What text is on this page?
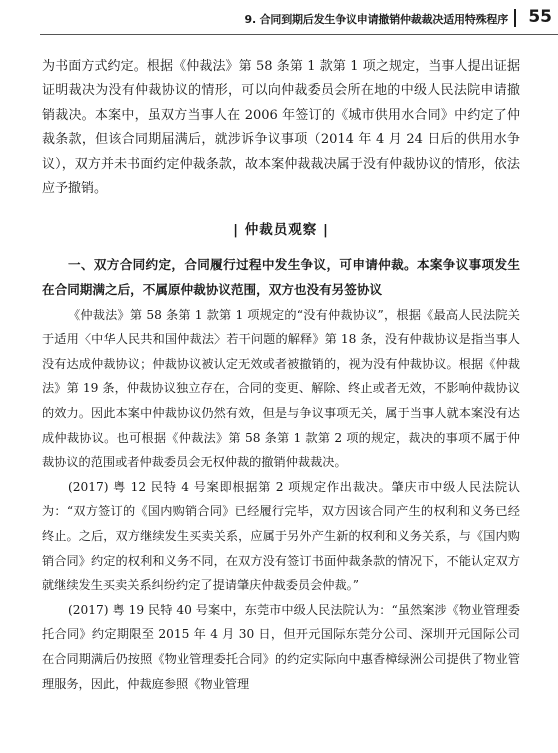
9. 合同到期后发生争议申请撤销仲裁裁决适用特殊程序 55

为书面方式约定。根据《仲裁法》第 58 条第 1 款第 1 项之规定，当事人提出证据证明裁决为没有仲裁协议的情形，可以向仲裁委员会所在地的中级人民法院申请撤销裁决。本案中，虽双方当事人在 2006 年签订的《城市供用水合同》中约定了仲裁条款，但该合同期届满后，就涉诉争议事项（2014 年 4 月 24 日后的供用水争议），双方并未书面约定仲裁条款，故本案仲裁裁决属于没有仲裁协议的情形，依法应予撤销。

| 仲裁员观察 |

一、双方合同约定，合同履行过程中发生争议，可申请仲裁。本案争议事项发生在合同期满之后，不属原仲裁协议范围，双方也没有另签协议

《仲裁法》第 58 条第 1 款第 1 项规定的“没有仲裁协议”，根据《最高人民法院关于适用〈中华人民共和国仲裁法〉若干问题的解释》第 18 条，没有仲裁协议是指当事人没有达成仲裁协议；仲裁协议被认定无效或者被撤销的，视为没有仲裁协议。根据《仲裁法》第 19 条，仲裁协议独立存在，合同的变更、解除、终止或者无效，不影响仲裁协议的效力。因此本案中仲裁协议仍然有效，但是与争议事项无关，属于当事人就本案没有达成仲裁协议。也可根据《仲裁法》第 58 条第 1 款第 2 项的规定，裁决的事项不属于仲裁协议的范围或者仲裁委员会无权仲裁的撤销仲裁裁决。

(2017) 粤 12 民特 4 号案即根据第 2 项规定作出裁决。肇庆市中级人民法院认为：“双方签订的《国内购销合同》已经履行完毕，双方因该合同产生的权利和义务已经终止。之后，双方继续发生买卖关系，应属于另外产生新的权利和义务关系，与《国内购销合同》约定的权利和义务不同，在双方没有签订书面仲裁条款的情况下，不能认定双方就继续发生买卖关系纠纷约定了提请肇庆仲裁委员会仲裁。”

(2017) 粤 19 民特 40 号案中，东莞市中级人民法院认为：“虽然案涉《物业管理委托合同》约定期限至 2015 年 4 月 30 日，但开元国际东莞分公司、深圳开元国际公司在合同期满后仍按照《物业管理委托合同》的约定实际向中惠香樟绿洲公司提供了物业管理服务，因此，仲裁庭参照《物业管理
